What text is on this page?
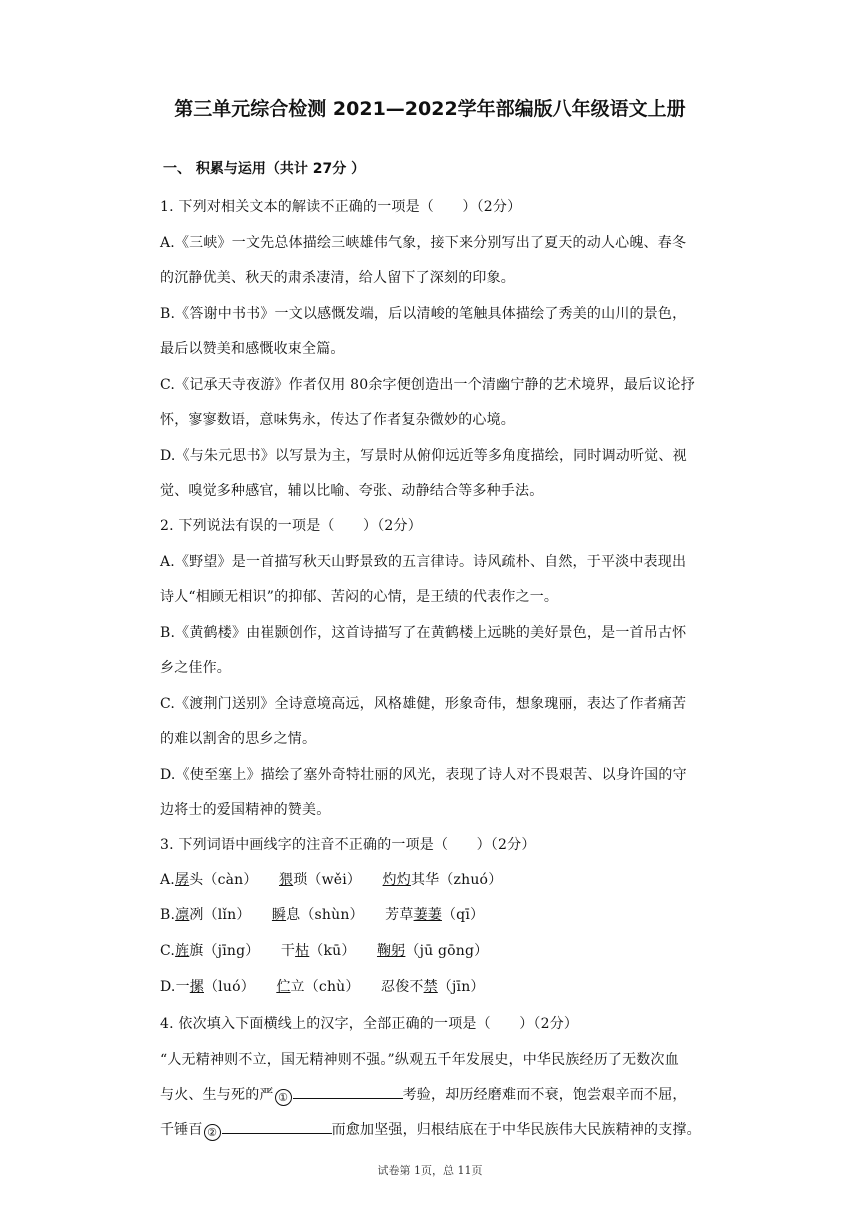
第三单元综合检测 2021—2022学年部编版八年级语文上册
一、 积累与运用（共计 27分 ）
1. 下列对相关文本的解读不正确的一项是（　　）（2分）
A.《三峡》一文先总体描绘三峡雄伟气象，接下来分别写出了夏天的动人心魄、春冬
的沉静优美、秋天的肃杀凄清，给人留下了深刻的印象。
B.《答谢中书书》一文以感慨发端，后以清峻的笔触具体描绘了秀美的山川的景色，
最后以赞美和感慨收束全篇。
C.《记承天寺夜游》作者仅用 80余字便创造出一个清幽宁静的艺术境界，最后议论抒
怀，寥寥数语，意味隽永，传达了作者复杂微妙的心境。
D.《与朱元思书》以写景为主，写景时从俯仰远近等多角度描绘，同时调动听觉、视
觉、嗅觉多种感官，辅以比喻、夸张、动静结合等多种手法。
2. 下列说法有误的一项是（　　）（2分）
A.《野望》是一首描写秋天山野景致的五言律诗。诗风疏朴、自然，于平淡中表现出
诗人“相顾无相识”的抑郁、苦闷的心情，是王绩的代表作之一。
B.《黄鹤楼》由崔颢创作，这首诗描写了在黄鹤楼上远眺的美好景色，是一首吊古怀
乡之佳作。
C.《渡荆门送别》全诗意境高远，风格雄健，形象奇伟，想象瑰丽，表达了作者痛苦
的难以割舍的思乡之情。
D.《使至塞上》描绘了塞外奇特壮丽的风光，表现了诗人对不畏艰苦、以身许国的守
边将士的爱国精神的赞美。
3. 下列词语中画线字的注音不正确的一项是（　　）（2分）
A.孱头（càn）　　猥琐（wěi）　　灼灼其华（zhuó）
B.凛冽（lǐn）　　瞬息（shùn）　　芳草萋萋（qī）
C.旌旗（jīng）　　干枯（kū）　　鞠躬（jū gōng）
D.一摞（luó）　　伫立（chù）　　忍俊不禁（jīn）
4. 依次填入下面横线上的汉字，全部正确的一项是（　　）（2分）
“人无精神则不立，国无精神则不强。”纵观五千年发展史，中华民族经历了无数次血
与火、生与死的严 ①	考验，却历经磨难而不衰，饱尝艰辛而不屈，
千锤百 ②	而愈加坚强，归根结底在于中华民族伟大民族精神的支撑。
试卷第 1页，总 11页
